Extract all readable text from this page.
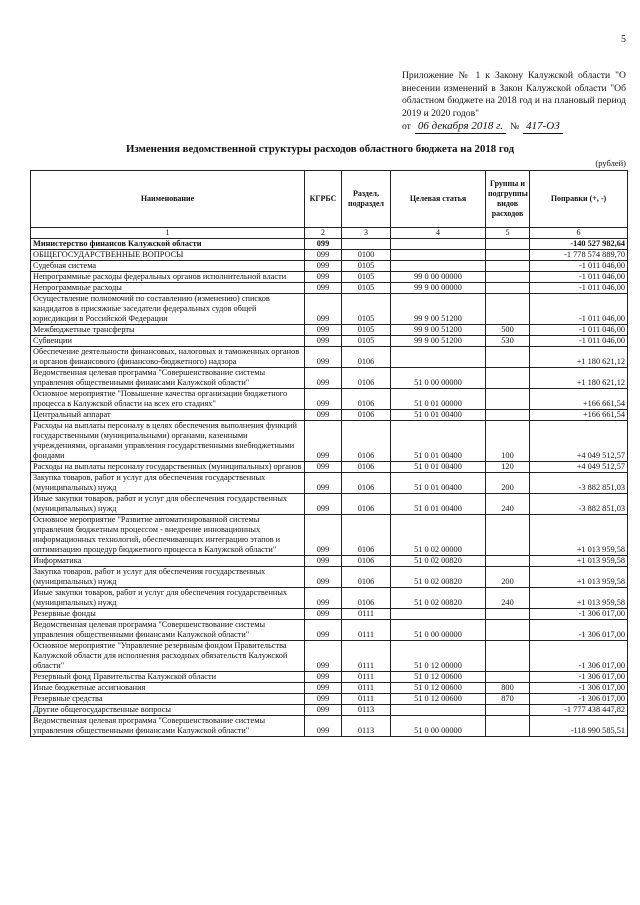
5
Приложение № 1 к Закону Калужской области "О внесении изменений в Закон Калужской области "Об областном бюджете на 2018 год и на плановый период 2019 и 2020 годов"
от 06 декабря 2018 г. № 417-ОЗ
Изменения ведомственной структуры расходов областного бюджета на 2018 год
(рублей)
Наименование	КГРБС	Раздел, подраздел	Целевая статья	Группы и подгруппы видов расходов	Поправки (+, -)
1	2	3	4	5	6
Министерство финансов Калужской области	099				-140 527 982,64
ОБЩЕГОСУДАРСТВЕННЫЕ ВОПРОСЫ	099	0100			-1 778 574 889,70
Судебная система	099	0105			-1 011 046,00
Непрограммные расходы федеральных органов исполнительной власти	099	0105	99 0 00 00000		-1 011 046,00
Непрограммные расходы	099	0105	99 9 00 00000		-1 011 046,00
Осуществление полномочий по составлению (изменению) списков кандидатов в присяжные заседатели федеральных судов общей юрисдикции в Российской Федерации	099	0105	99 9 00 51200		-1 011 046,00
Межбюджетные трансферты	099	0105	99 9 00 51200	500	-1 011 046,00
Субвенции	099	0105	99 9 00 51200	530	-1 011 046,00
Обеспечение деятельности финансовых, налоговых и таможенных органов и органов финансового (финансово-бюджетного) надзора	099	0106			+1 180 621,12
Ведомственная целевая программа "Совершенствование системы управления общественными финансами Калужской области"	099	0106	51 0 00 00000		+1 180 621,12
Основное мероприятие "Повышение качества организации бюджетного процесса в Калужской области на всех его стадиях"	099	0106	51 0 01 00000		+166 661,54
Центральный аппарат	099	0106	51 0 01 00400		+166 661,54
Расходы на выплаты персоналу в целях обеспечения выполнения функций государственными (муниципальными) органами, казенными учреждениями, органами управления государственными внебюджетными фондами	099	0106	51 0 01 00400	100	+4 049 512,57
Расходы на выплаты персоналу государственных (муниципальных) органов	099	0106	51 0 01 00400	120	+4 049 512,57
Закупка товаров, работ и услуг для обеспечения государственных (муниципальных) нужд	099	0106	51 0 01 00400	200	-3 882 851,03
Иные закупки товаров, работ и услуг для обеспечения государственных (муниципальных) нужд	099	0106	51 0 01 00400	240	-3 882 851,03
Основное мероприятие "Развитие автоматизированной системы управления бюджетным процессом - внедрение инновационных информационных технологий, обеспечивающих интеграцию этапов и оптимизацию процедур бюджетного процесса в Калужской области"	099	0106	51 0 02 00000		+1 013 959,58
Информатика	099	0106	51 0 02 00820		+1 013 959,58
Закупка товаров, работ и услуг для обеспечения государственных (муниципальных) нужд	099	0106	51 0 02 00820	200	+1 013 959,58
Иные закупки товаров, работ и услуг для обеспечения государственных (муниципальных) нужд	099	0106	51 0 02 00820	240	+1 013 959,58
Резервные фонды	099	0111			-1 306 017,00
Ведомственная целевая программа "Совершенствование системы управления общественными финансами Калужской области"	099	0111	51 0 00 00000		-1 306 017,00
Основное мероприятие "Управление резервным фондом Правительства Калужской области для исполнения расходных обязательств Калужской области"	099	0111	51 0 12 00000		-1 306 017,00
Резервный фонд Правительства Калужской области	099	0111	51 0 12 00600		-1 306 017,00
Иные бюджетные ассигнования	099	0111	51 0 12 00600	800	-1 306 017,00
Резервные средства	099	0111	51 0 12 00600	870	-1 306 017,00
Другие общегосударственные вопросы	099	0113			-1 777 438 447,82
Ведомственная целевая программа "Совершенствование системы управления общественными финансами Калужской области"	099	0113	51 0 00 00000		-118 990 585,51
